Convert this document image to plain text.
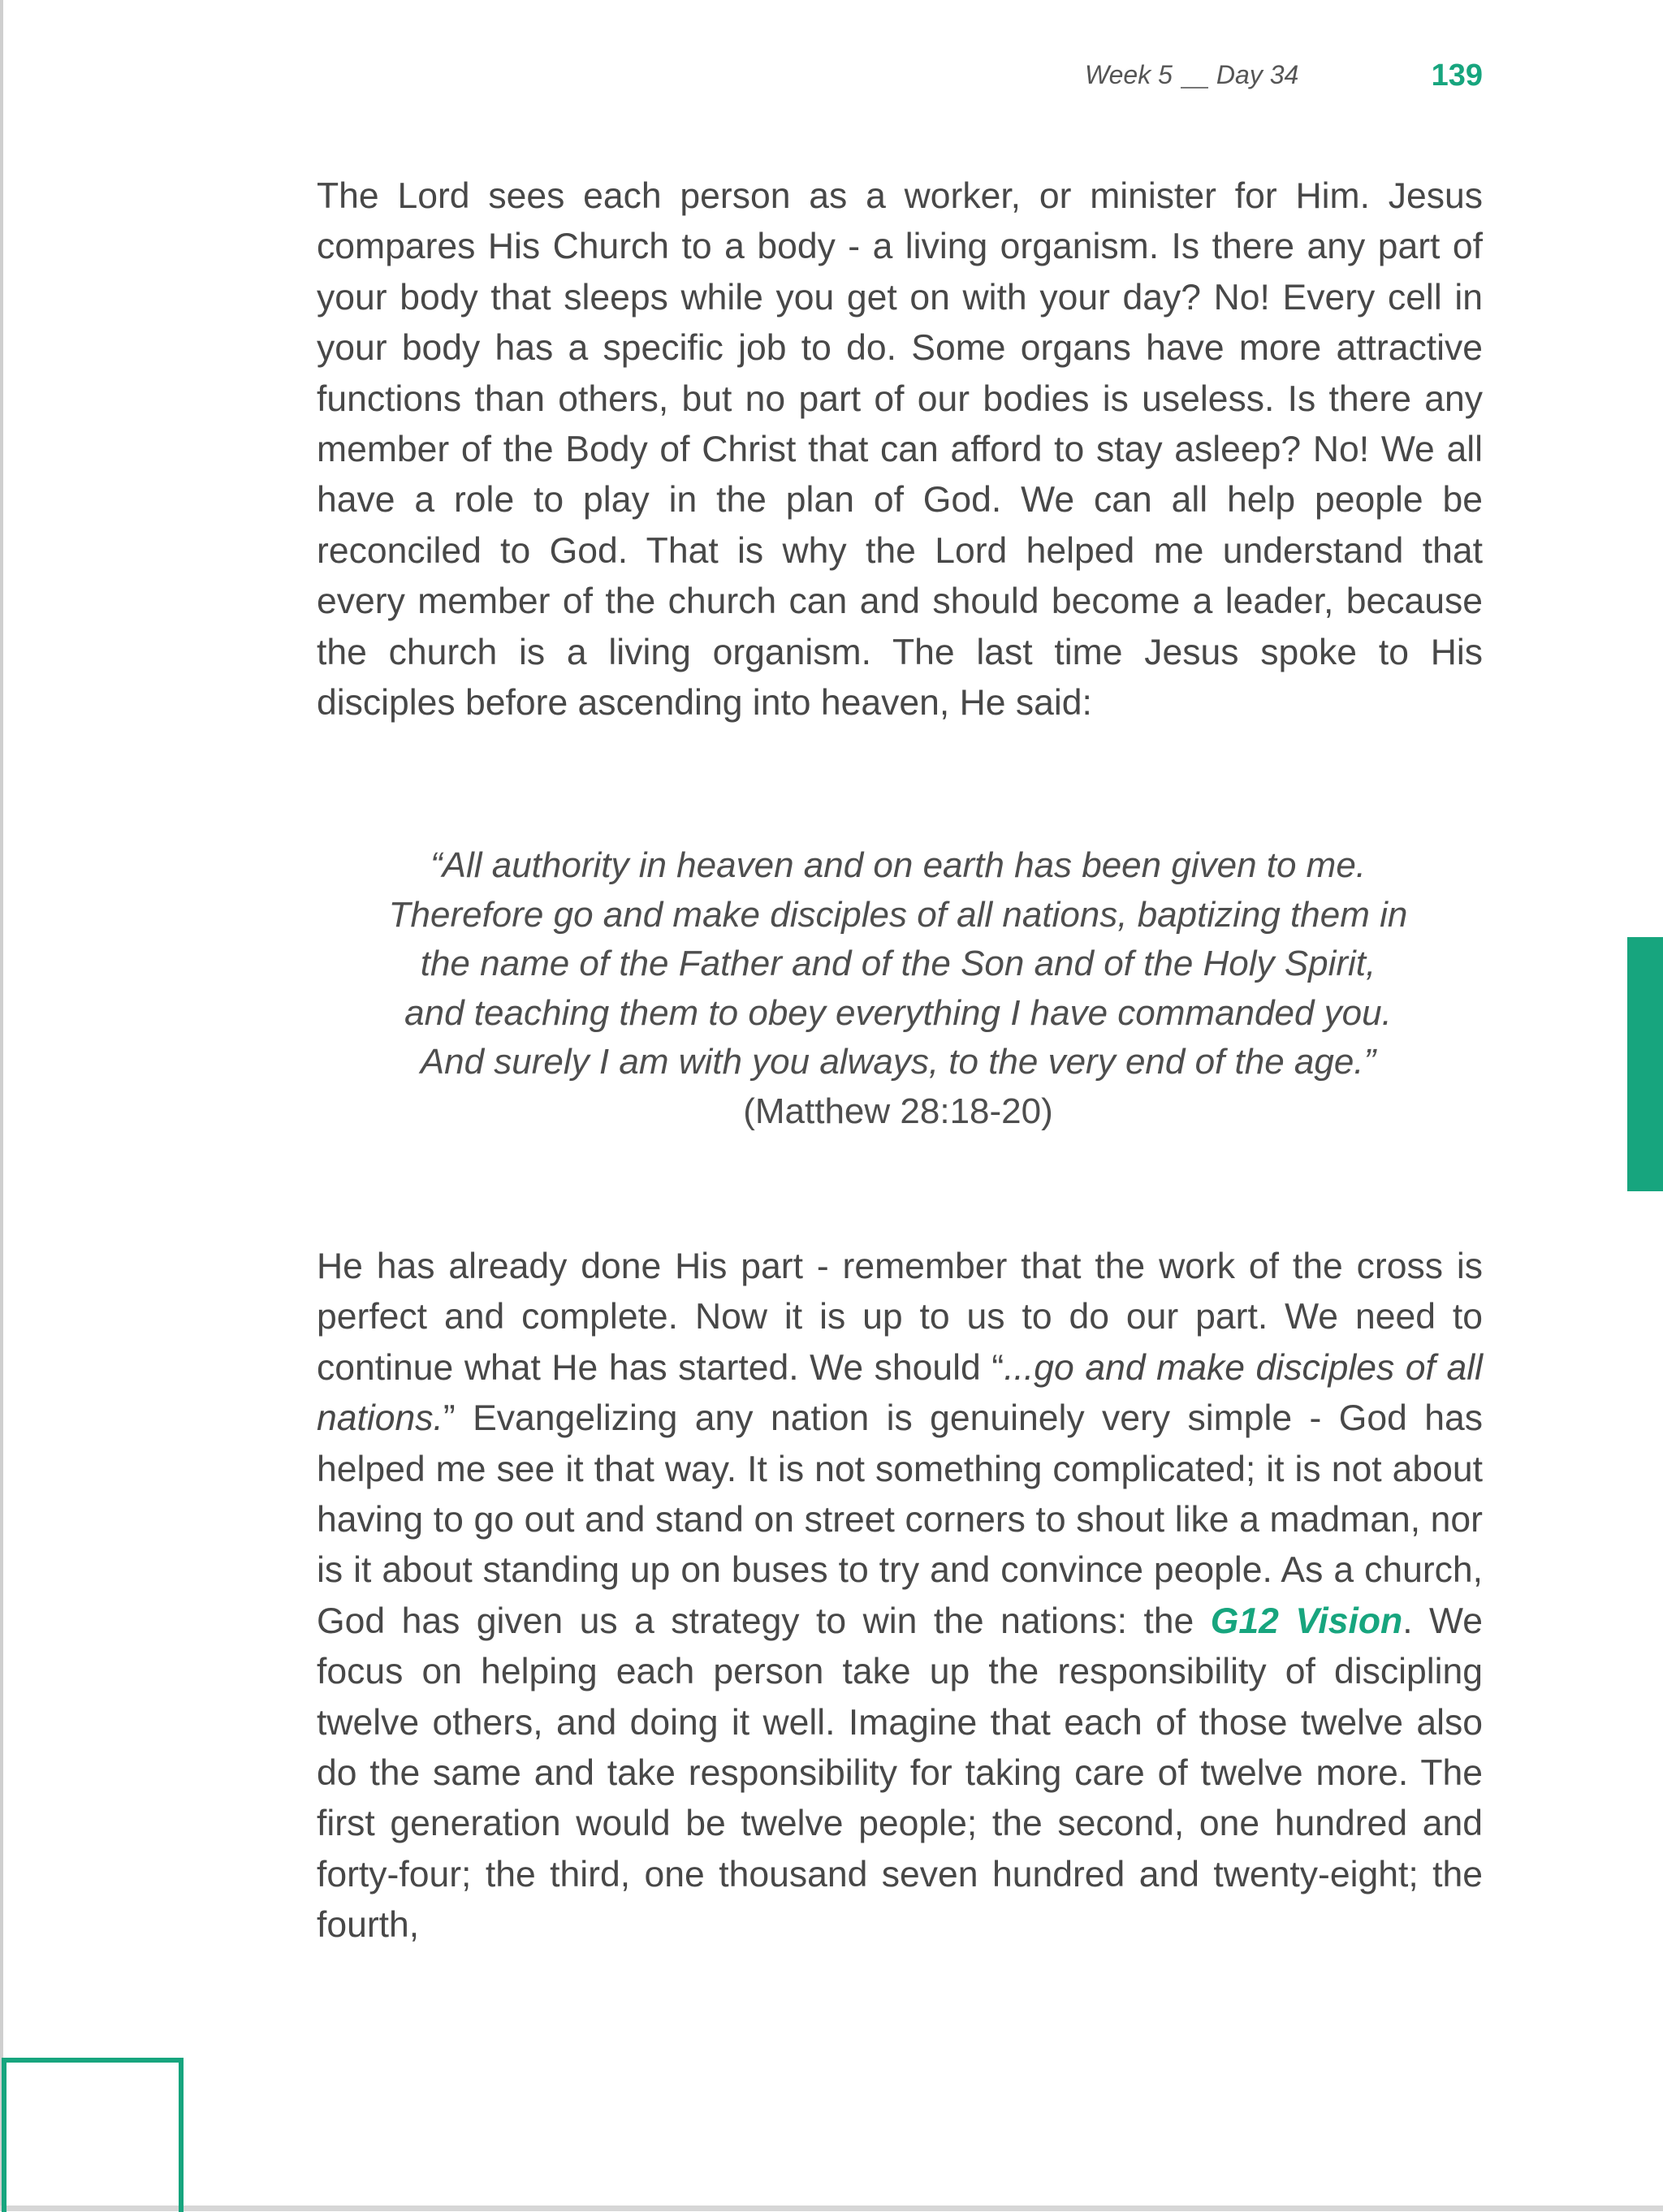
Week 5 Day 34	139

The Lord sees each person as a worker, or minister for Him. Jesus compares His Church to a body - a living organism. Is there any part of your body that sleeps while you get on with your day? No! Every cell in your body has a specific job to do. Some organs have more attractive functions than others, but no part of our bodies is useless. Is there any member of the Body of Christ that can afford to stay asleep? No! We all have a role to play in the plan of God. We can all help people be reconciled to God. That is why the Lord helped me understand that every member of the church can and should become a leader, because the church is a living organism. The last time Jesus spoke to His disciples before ascending into heaven, He said:

“All authority in heaven and on earth has been given to me. Therefore go and make disciples of all nations, baptizing them in the name of the Father and of the Son and of the Holy Spirit, and teaching them to obey everything I have commanded you. And surely I am with you always, to the very end of the age.”
(Matthew 28:18-20)

He has already done His part - remember that the work of the cross is perfect and complete. Now it is up to us to do our part. We need to continue what He has started. We should “...go and make disciples of all nations.” Evangelizing any nation is genuinely very simple - God has helped me see it that way. It is not something complicated; it is not about having to go out and stand on street corners to shout like a madman, nor is it about standing up on buses to try and convince people. As a church, God has given us a strategy to win the nations: the G12 Vision. We focus on helping each person take up the responsibility of discipling twelve others, and doing it well. Imagine that each of those twelve also do the same and take responsibility for taking care of twelve more. The first generation would be twelve people; the second, one hundred and forty-four; the third, one thousand seven hundred and twenty-eight; the fourth,
